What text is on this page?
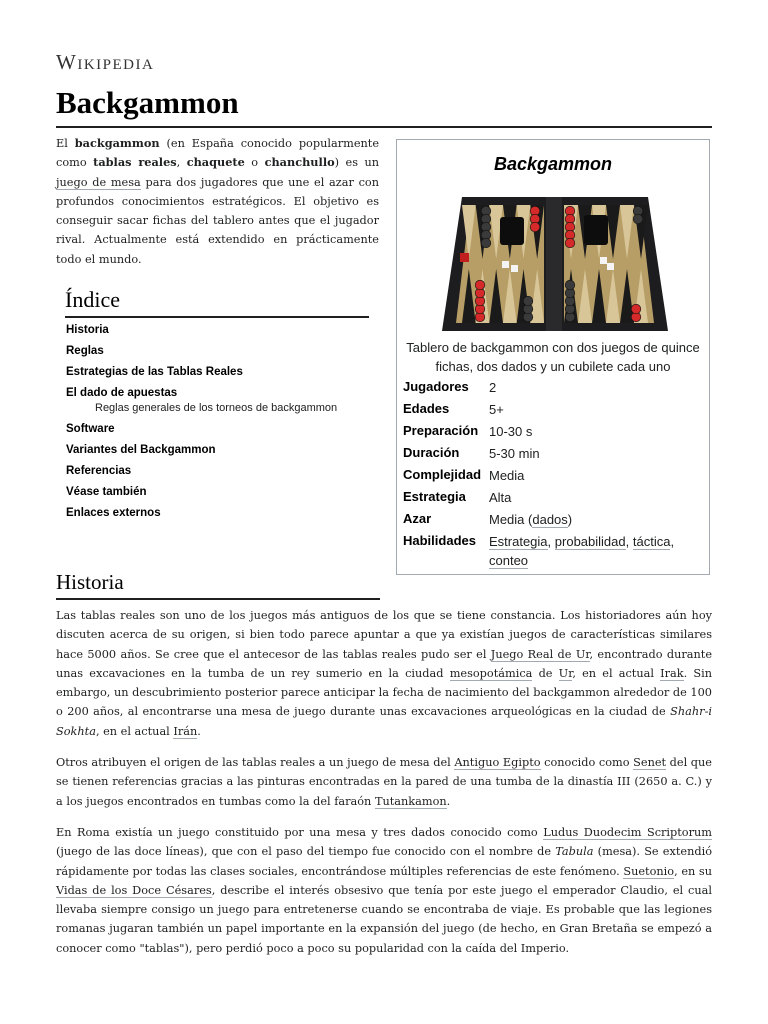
Wikipedia
Backgammon

El backgammon (en España conocido popularmente como tablas reales, chaquete o chanchullo) es un juego de mesa para dos jugadores que une el azar con profundos conocimientos estratégicos. El objetivo es conseguir sacar fichas del tablero antes que el jugador rival. Actualmente está extendido en prácticamente todo el mundo.

Backgammon
Tablero de backgammon con dos juegos de quince fichas, dos dados y un cubilete cada uno
Jugadores 2
Edades	5+
Preparación 10-30 s
Duración 5-30 min
Complejidad Media
Estrategia Alta
Azar	Media (dados)
Habilidades Estrategia, probabilidad, táctica, conteo
Índice
Historia
Reglas
Estrategias de las Tablas Reales
El dado de apuestas
Reglas generales de los torneos de backgammon
Software
Variantes del Backgammon
Referencias
Véase también
Enlaces externos
Historia

Las tablas reales son uno de los juegos más antiguos de los que se tiene constancia. Los historiadores aún hoy discuten acerca de su origen, si bien todo parece apuntar a que ya existían juegos de características similares hace 5000 años. Se cree que el antecesor de las tablas reales pudo ser el Juego Real de Ur, encontrado durante unas excavaciones en la tumba de un rey sumerio en la ciudad mesopotámica de Ur, en el actual Irak. Sin embargo, un descubrimiento posterior parece anticipar la fecha de nacimiento del backgammon alrededor de 100 o 200 años, al encontrarse una mesa de juego durante unas excavaciones arqueológicas en la ciudad de Shahr-i Sokhta, en el actual Irán.

Otros atribuyen el origen de las tablas reales a un juego de mesa del Antiguo Egipto conocido como Senet del que se tienen referencias gracias a las pinturas encontradas en la pared de una tumba de la dinastía III (2650 a. C.) y a los juegos encontrados en tumbas como la del faraón Tutankamon.

En Roma existía un juego constituido por una mesa y tres dados conocido como Ludus Duodecim Scriptorum (juego de las doce líneas), que con el paso del tiempo fue conocido con el nombre de Tabula (mesa). Se extendió rápidamente por todas las clases sociales, encontrándose múltiples referencias de este fenómeno. Suetonio, en su Vidas de los Doce Césares, describe el interés obsesivo que tenía por este juego el emperador Claudio, el cual llevaba siempre consigo un juego para entretenerse cuando se encontraba de viaje. Es probable que las legiones romanas jugaran también un papel importante en la expansión del juego (de hecho, en Gran Bretaña se empezó a conocer como "tablas"), pero perdió poco a poco su popularidad con la caída del Imperio.
